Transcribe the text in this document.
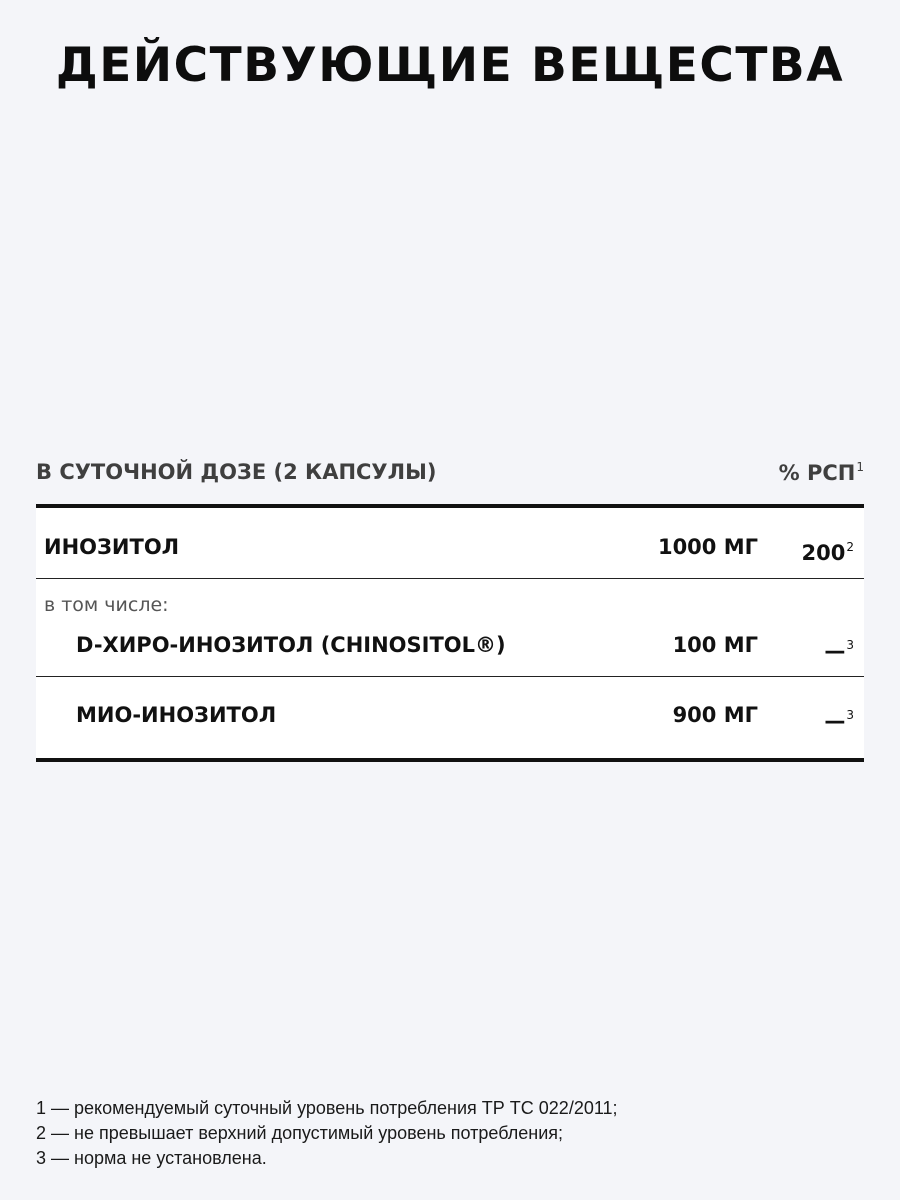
ДЕЙСТВУЮЩИЕ ВЕЩЕСТВА
В СУТОЧНОЙ ДОЗЕ (2 КАПСУЛЫ)	% РСП$^1$
ИНОЗИТОЛ	1000 МГ $200^2$
в том числе:
D-ХИРО-ИНОЗИТОЛ (CHINOSITOL®)	100 МГ	—$^3$
МИО-ИНОЗИТОЛ	900 МГ	—$^3$
1 — рекомендуемый суточный уровень потребления ТР ТС 022/2011;
2 — не превышает верхний допустимый уровень потребления;
3 — норма не установлена.
